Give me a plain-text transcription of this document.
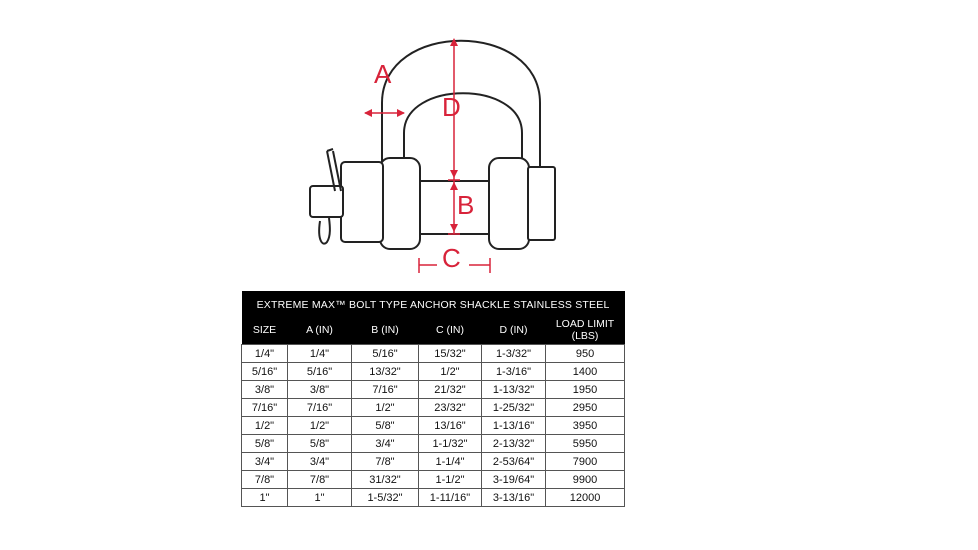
A
D
B
C
EXTREME MAX™ BOLT TYPE ANCHOR SHACKLE STAINLESS STEEL					
SIZE	A (IN)	B (IN)	C (IN)	D (IN)	LOAD LIMIT (LBS)
1/4"	1/4"	5/16"	15/32"	1-3/32"	950
5/16"	5/16"	13/32"	1/2"	1-3/16"	1400
3/8"	3/8"	7/16"	21/32"	1-13/32"	1950
7/16"	7/16"	1/2"	23/32"	1-25/32"	2950
1/2"	1/2"	5/8"	13/16"	1-13/16"	3950
5/8"	5/8"	3/4"	1-1/32"	2-13/32"	5950
3/4"	3/4"	7/8"	1-1/4"	2-53/64"	7900
7/8"	7/8"	31/32"	1-1/2"	3-19/64"	9900
1"	1"	1-5/32"	1-11/16"	3-13/16"	12000
